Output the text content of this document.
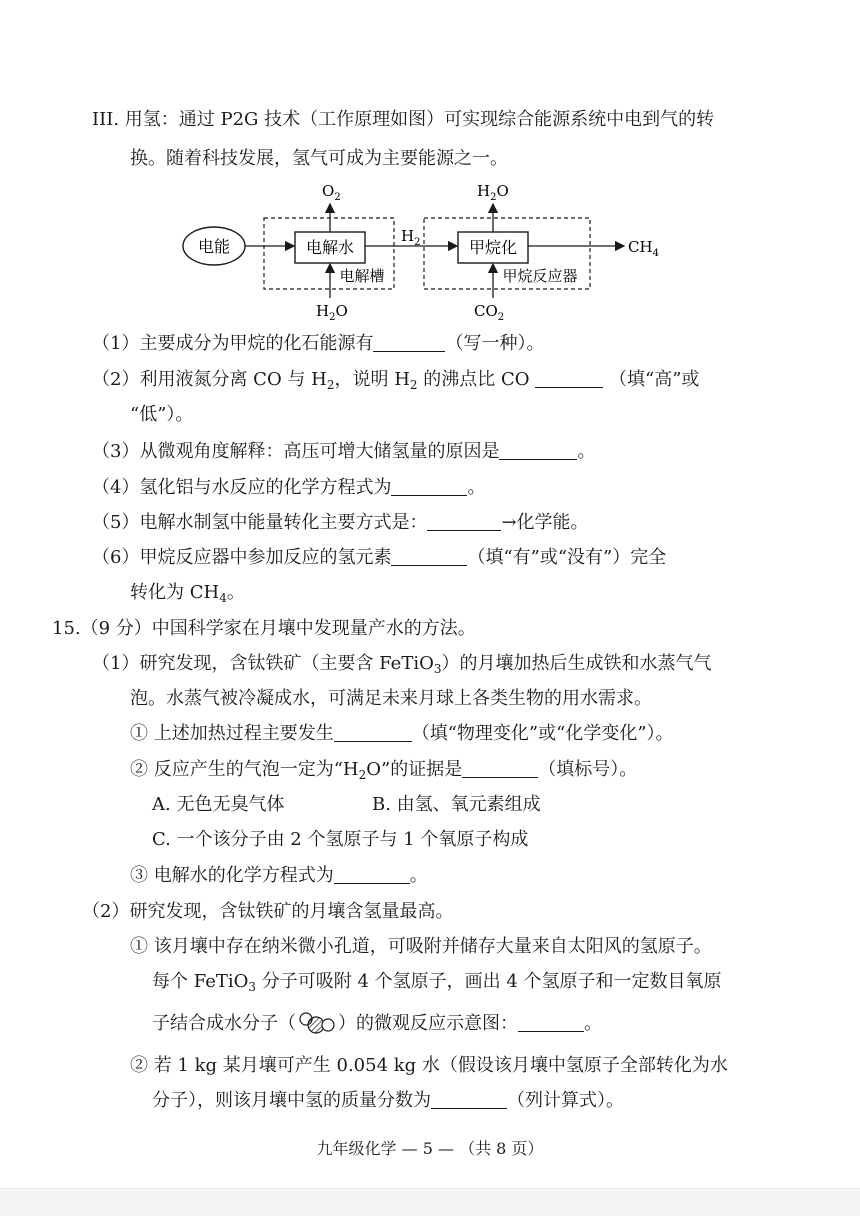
III. 用氢：通过 P2G 技术（工作原理如图）可实现综合能源系统中电到气的转
换。随着科技发展，氢气可成为主要能源之一。
电能	电解水
电解槽
$O_2$
$H_2O$
$H_2$	甲烷化
甲烷反应器
$H_2O$
$CO_2$
$CH_4$
（1）主要成分为甲烷的化石能源有	（写一种）。
（2）利用液氮分离 CO 与 $H_2$，说明 $H_2$ 的沸点比 CO	（填“高”或
“低”）。
（3）从微观角度解释：高压可增大储氢量的原因是	。
（4）氢化铝与水反应的化学方程式为	。
（5）电解水制氢中能量转化主要方式是：	→化学能。
（6）甲烷反应器中参加反应的氢元素	（填“有”或“没有”）完全
转化为 $CH_4$。
15.（9 分）中国科学家在月壤中发现量产水的方法。
（1）研究发现，含钛铁矿（主要含 FeTiO$_3$）的月壤加热后生成铁和水蒸气气
泡。水蒸气被冷凝成水，可满足未来月球上各类生物的用水需求。
① 上述加热过程主要发生	（填“物理变化”或“化学变化”）。
② 反应产生的气泡一定为“$H_2O$”的证据是	（填标号）。
A. 无色无臭气体	B. 由氢、氧元素组成
C. 一个该分子由 2 个氢原子与 1 个氧原子构成
③ 电解水的化学方程式为	。
（2）研究发现，含钛铁矿的月壤含氢量最高。
① 该月壤中存在纳米微小孔道，可吸附并储存大量来自太阳风的氢原子。
每个 FeTiO$_3$ 分子可吸附 4 个氢原子，画出 4 个氢原子和一定数目氧原
子结合成水分子（ ）的微观反应示意图：	。
② 若 1 kg 某月壤可产生 0.054 kg 水（假设该月壤中氢原子全部转化为水
分子），则该月壤中氢的质量分数为	（列计算式）。
九年级化学 — 5 — （共 8 页）
